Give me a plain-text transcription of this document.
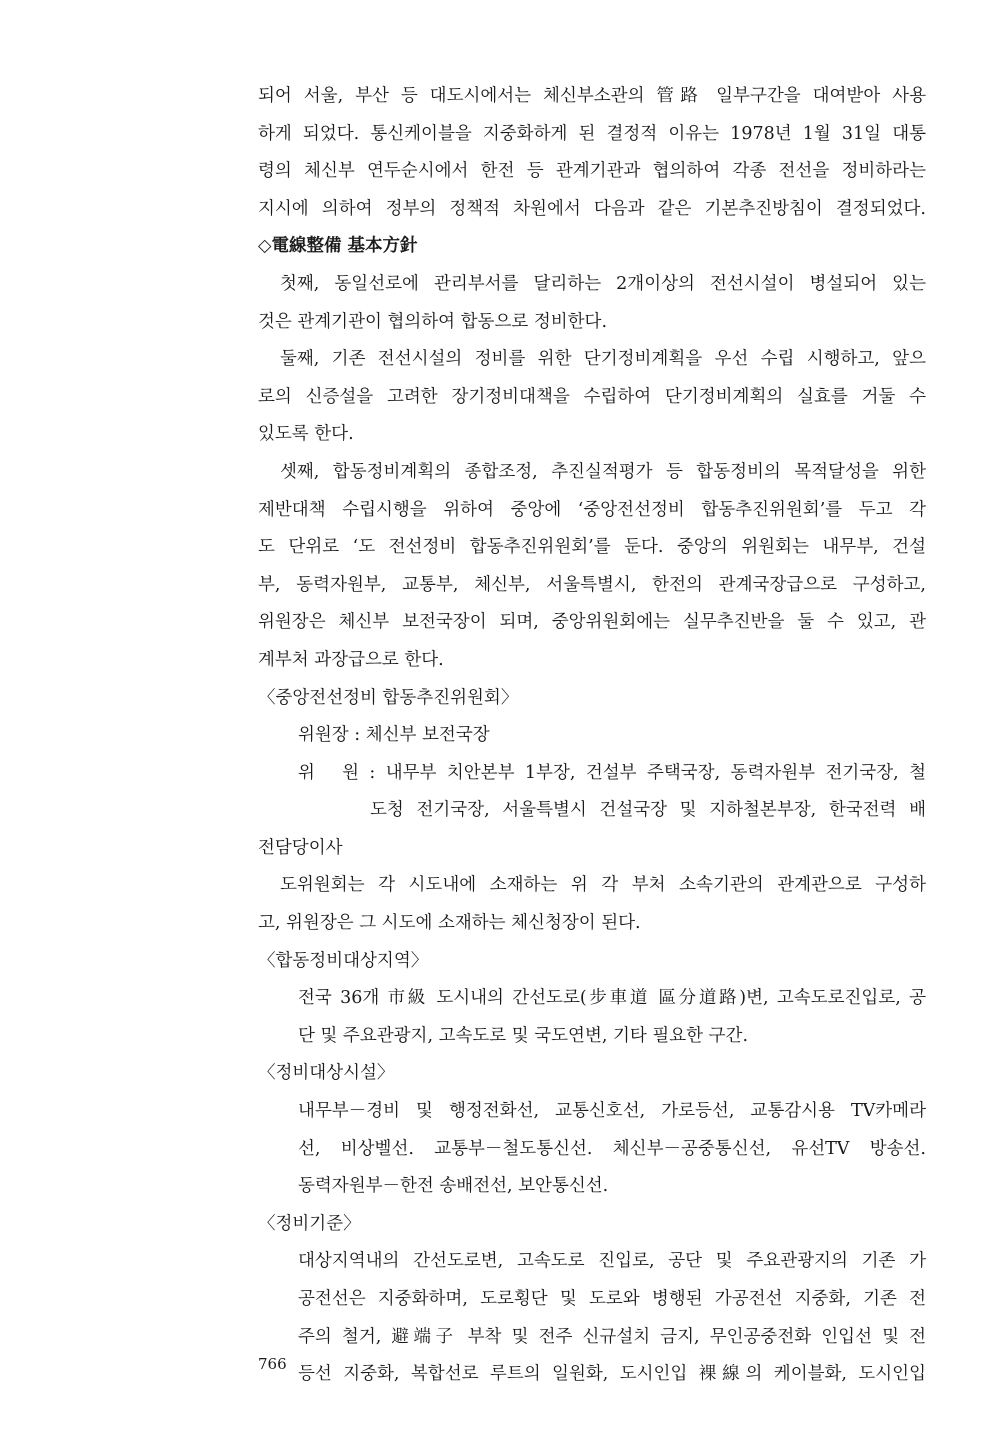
되어 서울, 부산 등 대도시에서는 체신부소관의 管路 일부구간을 대여받아 사용
하게 되었다. 통신케이블을 지중화하게 된 결정적 이유는 1978년 1월 31일 대통
령의 체신부 연두순시에서 한전 등 관계기관과 협의하여 각종 전선을 정비하라는
지시에 의하여 정부의 정책적 차원에서 다음과 같은 기본추진방침이 결정되었다.
◇電線整備 基本方針
첫째, 동일선로에 관리부서를 달리하는 2개이상의 전선시설이 병설되어 있는
것은 관계기관이 협의하여 합동으로 정비한다.
둘째, 기존 전선시설의 정비를 위한 단기정비계획을 우선 수립 시행하고, 앞으
로의 신증설을 고려한 장기정비대책을 수립하여 단기정비계획의 실효를 거둘 수
있도록 한다.
셋째, 합동정비계획의 종합조정, 추진실적평가 등 합동정비의 목적달성을 위한
제반대책 수립시행을 위하여 중앙에 ‘중앙전선정비 합동추진위원회’를 두고 각
도 단위로 ‘도 전선정비 합동추진위원회’를 둔다. 중앙의 위원회는 내무부, 건설
부, 동력자원부, 교통부, 체신부, 서울특별시, 한전의 관계국장급으로 구성하고,
위원장은 체신부 보전국장이 되며, 중앙위원회에는 실무추진반을 둘 수 있고, 관
계부처 과장급으로 한다.
〈중앙전선정비 합동추진위원회〉
위원장 : 체신부 보전국장
위　원 : 내무부 치안본부 1부장, 건설부 주택국장, 동력자원부 전기국장, 철
도청 전기국장, 서울특별시 건설국장 및 지하철본부장, 한국전력 배
전담당이사
도위원회는 각 시도내에 소재하는 위 각 부처 소속기관의 관계관으로 구성하
고, 위원장은 그 시도에 소재하는 체신청장이 된다.
〈합동정비대상지역〉
전국 36개 市級 도시내의 간선도로(步車道 區分道路)변, 고속도로진입로, 공
단 및 주요관광지, 고속도로 및 국도연변, 기타 필요한 구간.
〈정비대상시설〉
내무부－경비 및 행정전화선, 교통신호선, 가로등선, 교통감시용 TV카메라
선, 비상벨선. 교통부－철도통신선. 체신부－공중통신선, 유선TV 방송선.
동력자원부－한전 송배전선, 보안통신선.
〈정비기준〉
대상지역내의 간선도로변, 고속도로 진입로, 공단 및 주요관광지의 기존 가
공전선은 지중화하며, 도로횡단 및 도로와 병행된 가공전선 지중화, 기존 전
주의 철거, 避端子 부착 및 전주 신규설치 금지, 무인공중전화 인입선 및 전
등선 지중화, 복합선로 루트의 일원화, 도시인입 裸線의 케이블화, 도시인입
766
